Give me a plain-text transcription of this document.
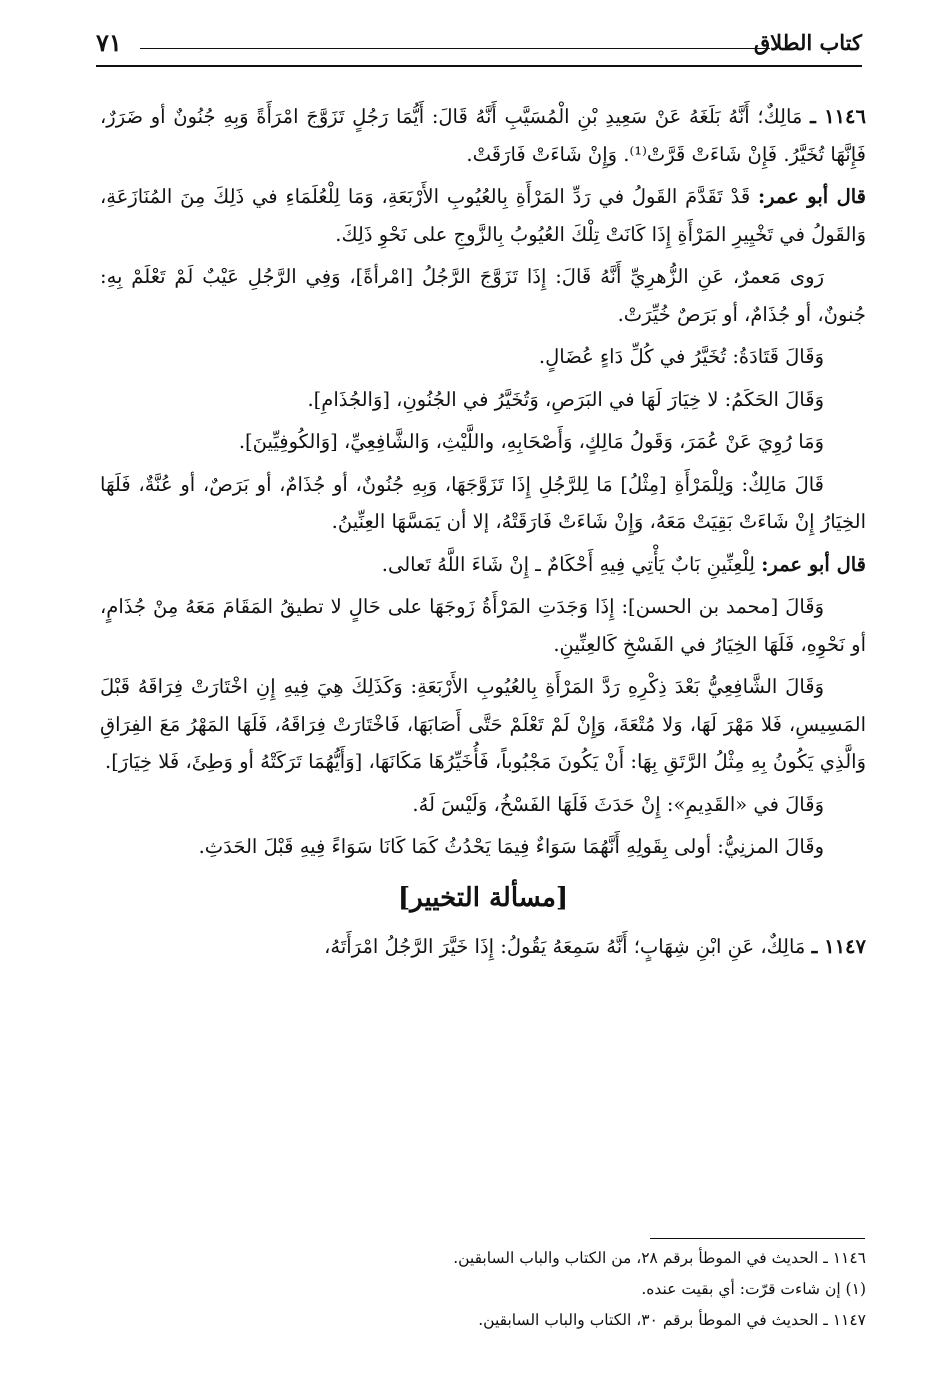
كتاب الطلاق
٧١

١١٤٦ ـ مَالِكٌ؛ أَنَّهُ بَلَغَهُ عَنْ سَعِيدِ بْنِ الْمُسَيَّبِ أَنَّهُ قَالَ: أَيُّمَا رَجُلٍ تَزَوَّجَ امْرَأَةً وَبِهِ جُنُونٌ أو ضَرَرٌ، فَإِنَّهَا تُخَيَّرُ. فَإِنْ شَاءَتْ قَرَّتْ⁽¹⁾. وَإِنْ شَاءَتْ فَارَقَتْ.

قال أبو عمر: قَدْ تَقَدَّمَ القَولُ في رَدِّ المَرْأَةِ بِالعُيُوبِ الأَرْبَعَةِ، وَمَا لِلْعُلَمَاءِ في ذَلِكَ مِنَ المُنَازَعَةِ، وَالقَولُ في تَخْيِيرِ المَرْأَةِ إِذَا كَانَتْ تِلْكَ العُيُوبُ بِالزَّوجِ على نَحْوِ ذَلِكَ.

رَوى مَعمرٌ، عَنِ الزُّهرِيِّ أَنَّهُ قَالَ: إِذَا تَزَوَّجَ الرَّجُلُ [امْرأةً]، وَفِي الرَّجُلِ عَيْبٌ لَمْ تَعْلَمْ بِهِ: جُنونٌ، أو جُذَامٌ، أو بَرَصٌ خُيِّرَتْ.

وَقَالَ قَتَادَةُ: تُخَيَّرُ في كُلِّ دَاءٍ عُضَالٍ.

وَقَالَ الحَكَمُ: لا خِيَارَ لَهَا في البَرَصِ، وَتُخَيَّرُ في الجُنُونِ، [وَالجُذَامِ].

وَمَا رُوِيَ عَنْ عُمَرَ، وَقَولُ مَالِكٍ، وَأَصْحَابِهِ، واللَّيْثِ، وَالشَّافِعِيِّ، [وَالكُوفِيِّينَ].

قَالَ مَالِكٌ: وَلِلْمَرْأَةِ [مِثْلُ] مَا لِلرَّجُلِ إِذَا تَزَوَّجَهَا، وَبِهِ جُنُونٌ، أو جُذَامٌ، أو بَرَصٌ، أو عُنَّةٌ، فَلَهَا الخِيَارُ إِنْ شَاءَتْ بَقِيَتْ مَعَهُ، وَإِنْ شَاءَتْ فَارَقَتْهُ، إلا أن يَمَسَّهَا العِنِّينُ.

قال أبو عمر: لِلْعِنِّينِ بَابٌ يَأْتِي فِيهِ أَحْكَامٌ ـ إِنْ شَاءَ اللَّهُ تَعالى.

وَقَالَ [محمد بن الحسن]: إِذَا وَجَدَتِ المَرْأَةُ زَوجَهَا على حَالٍ لا تطيقُ المَقَامَ مَعَهُ مِنْ جُذَامٍ، أو نَحْوِهِ، فَلَهَا الخِيَارُ في الفَسْخِ كَالعِنِّينِ.

وَقَالَ الشَّافِعِيُّ بَعْدَ ذِكْرِهِ رَدَّ المَرْأَةِ بِالعُيُوبِ الأَرْبَعَةِ: وَكَذَلِكَ هِيَ فِيهِ إِنِ اخْتَارَتْ فِرَاقَهُ قَبْلَ المَسِيسِ، فَلا مَهْرَ لَهَا، وَلا مُتْعَةَ، وَإِنْ لَمْ تَعْلَمْ حَتَّى أَصَابَهَا، فَاخْتَارَتْ فِرَاقَهُ، فَلَهَا المَهْرُ مَعَ الفِرَاقِ وَالَّذِي يَكُونُ بِهِ مِثْلُ الرَّتَقِ بِهَا: أَنْ يَكُونَ مَجْبُوباً، فَأُخَيِّرُهَا مَكَانَهَا، [وَأَيُّهُمَا تَرَكَتْهُ أو وَطِئَ، فَلا خِيَارَ].

وَقَالَ في «القَدِيمِ»: إِنْ حَدَثَ فَلَهَا الفَسْخُ، وَلَيْسَ لَهُ.

وقَالَ المزنِيُّ: أولى بِقَولِهِ أَنَّهُمَا سَوَاءٌ فِيمَا يَحْدُثُ كَمَا كَانَا سَوَاءً فِيهِ قَبْلَ الحَدَثِ.

[مسألة التخيير]

١١٤٧ ـ مَالِكٌ، عَنِ ابْنِ شِهَابٍ؛ أَنَّهُ سَمِعَهُ يَقُولُ: إِذَا خَيَّرَ الرَّجُلُ امْرَأَتَهُ،

١١٤٦ ـ الحديث في الموطأ برقم ٢٨، من الكتاب والباب السابقين.
(١) إن شاءت قرّت: أي بقيت عنده.
١١٤٧ ـ الحديث في الموطأ برقم ٣٠، الكتاب والباب السابقين.
